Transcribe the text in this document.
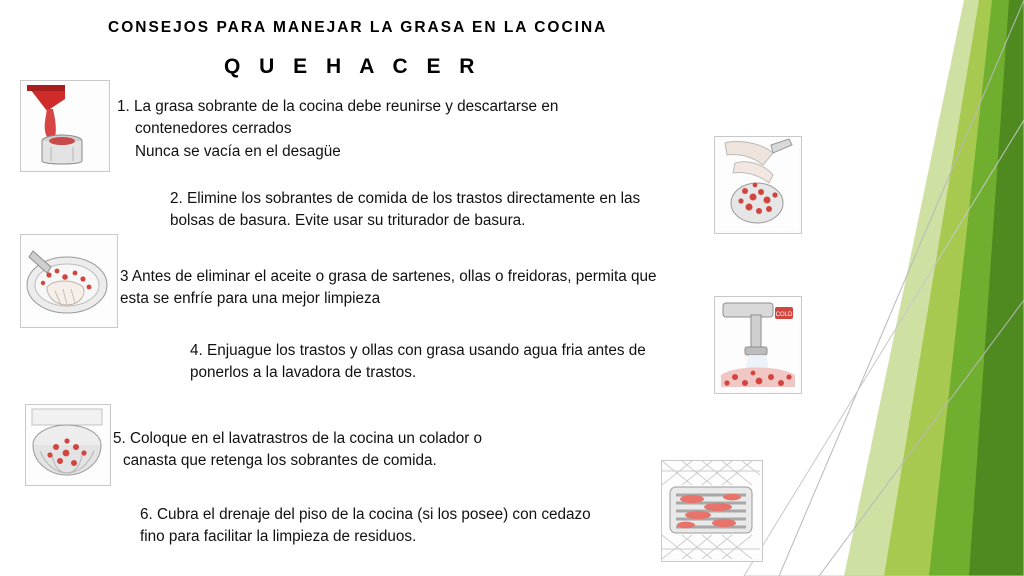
CONSEJOS PARA MANEJAR LA GRASA EN LA COCINA
Q U E H A C E R
1. La grasa sobrante de la cocina debe reunirse y descartarse en
contenedores cerrados
Nunca se vacía en el desagüe
2. Elimine los sobrantes de comida de los trastos directamente en las
bolsas de basura. Evite usar su triturador de basura.
3 Antes de eliminar el aceite o grasa de sartenes, ollas o freidoras, permita que
esta se enfríe para una mejor limpieza
COLD
4. Enjuague los trastos y ollas con grasa usando agua fria antes de
ponerlos a la lavadora de trastos.
5. Coloque en el lavatrastros de la cocina un colador o
canasta que retenga los sobrantes de comida.
6. Cubra el drenaje del piso de la cocina (si los posee) con cedazo
fino para facilitar la limpieza de residuos.
